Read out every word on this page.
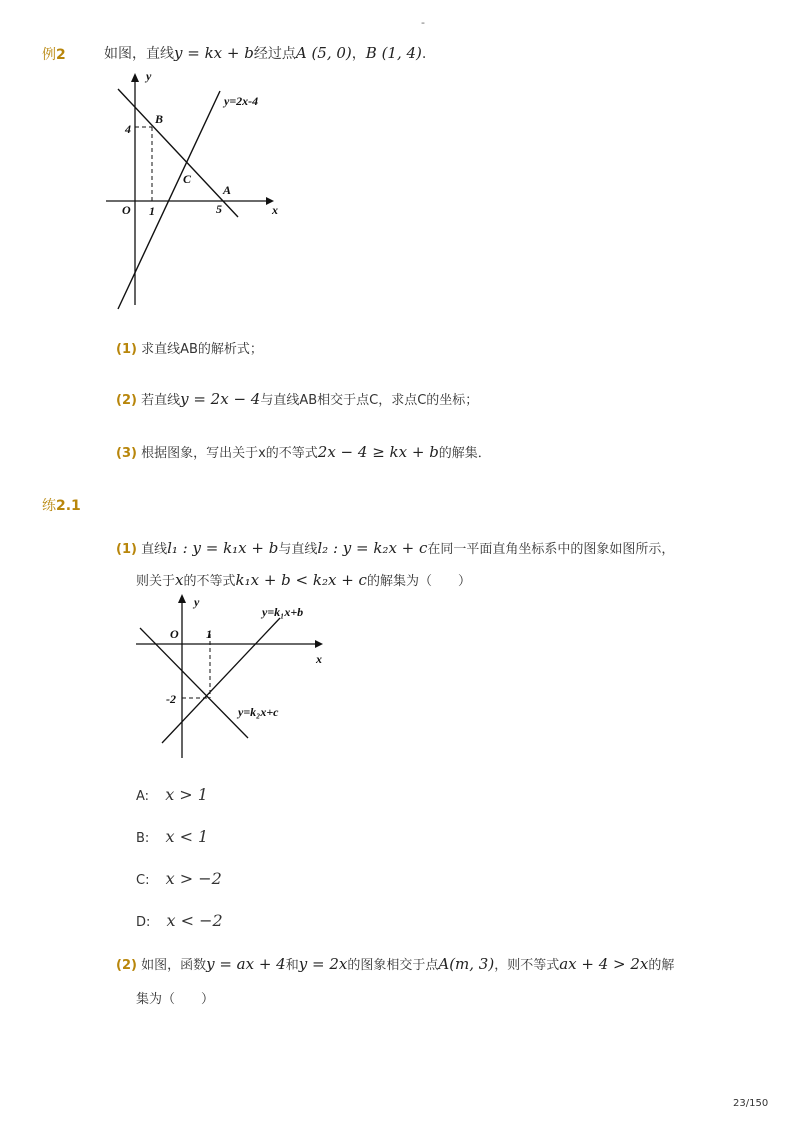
-
例2	如图，直线y = kx + b经过点A (5, 0)，B (1, 4).
y
x
O
4
1	5
B
C
A
y=2x-4
(1) 求直线AB的解析式；
(2) 若直线y = 2x − 4与直线AB相交于点C，求点C的坐标；
(3) 根据图象，写出关于x的不等式2x − 4 ≥ kx + b的解集．
练2.1
(1) 直线l₁ : y = k₁x + b与直线l₂ : y = k₂x + c在同一平面直角坐标系中的图象如图所示，
则关于x的不等式k₁x + b < k₂x + c的解集为（　　）
y
x
O 1
-2
y=k₁x+b
y=k₂x+c
A: x > 1
B: x < 1
C: x > −2
D: x < −2
(2) 如图，函数y = ax + 4和y = 2x的图象相交于点A(m, 3)，则不等式ax + 4 > 2x的解
集为（　　）
23/150
